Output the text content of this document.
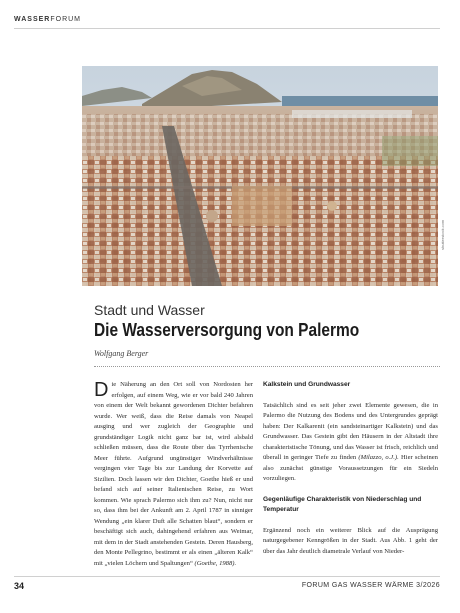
WASSERFORUM
shutterstock.com
Stadt und Wasser
Die Wasserversorgung von Palermo
Wolfgang Berger

Die Näherung an den Ort soll von Nordosten her erfolgen, auf einem Weg, wie er vor bald 240 Jahren von einem der Welt bekannt gewordenen Dichter befahren wurde. Wer weiß, dass die Reise damals von Neapel ausging und wer zugleich der Geographie und grundständiger Logik nicht ganz bar ist, wird alsbald schließen müssen, dass die Route über das Tyrrhenische Meer führte. Aufgrund ungünstiger Windverhältnisse vergingen vier Tage bis zur Landung der Korvette auf Sizilien. Doch lassen wir den Dichter, Goethe hieß er und befand sich auf seiner Italienischen Reise, zu Wort kommen. Wie sprach Palermo sich ihm zu? Nun, nicht nur so, dass ihm bei der Ankunft am 2. April 1787 in sinniger Wendung „ein klarer Duft alle Schatten blaut“, sondern er beschäftigt sich auch, dahingehend erfahren aus Weimar, mit dem in der Stadt anstehenden Gestein. Deren Hausberg, den Monte Pellegrino, bestimmt er als einen „älteren Kalk“ mit „vielen Löchern und Spaltungen“ (Goethe, 1988).

Kalkstein und Grundwasser

Tatsächlich sind es seit jeher zwei Elemente gewesen, die in Palermo die Nutzung des Bodens und des Untergrundes geprägt haben: Der Kalkarenit (ein sandsteinartiger Kalkstein) und das Grundwasser. Das Gestein gibt den Häusern in der Altstadt ihre charakteristische Tönung, und das Wasser ist frisch, reichlich und überall in geringer Tiefe zu finden (Milazzo, o.J.). Hier scheinen also zunächst günstige Voraussetzungen für ein Siedeln vorzuliegen.

Gegenläufige Charakteristik von Niederschlag und Temperatur

Ergänzend noch ein weiterer Blick auf die Ausprägung naturgegebener Kenngrößen in der Stadt. Aus Abb. 1 geht der über das Jahr deutlich diametrale Verlauf von Nieder-

34	FORUM GAS WASSER WÄRME 3/2026
